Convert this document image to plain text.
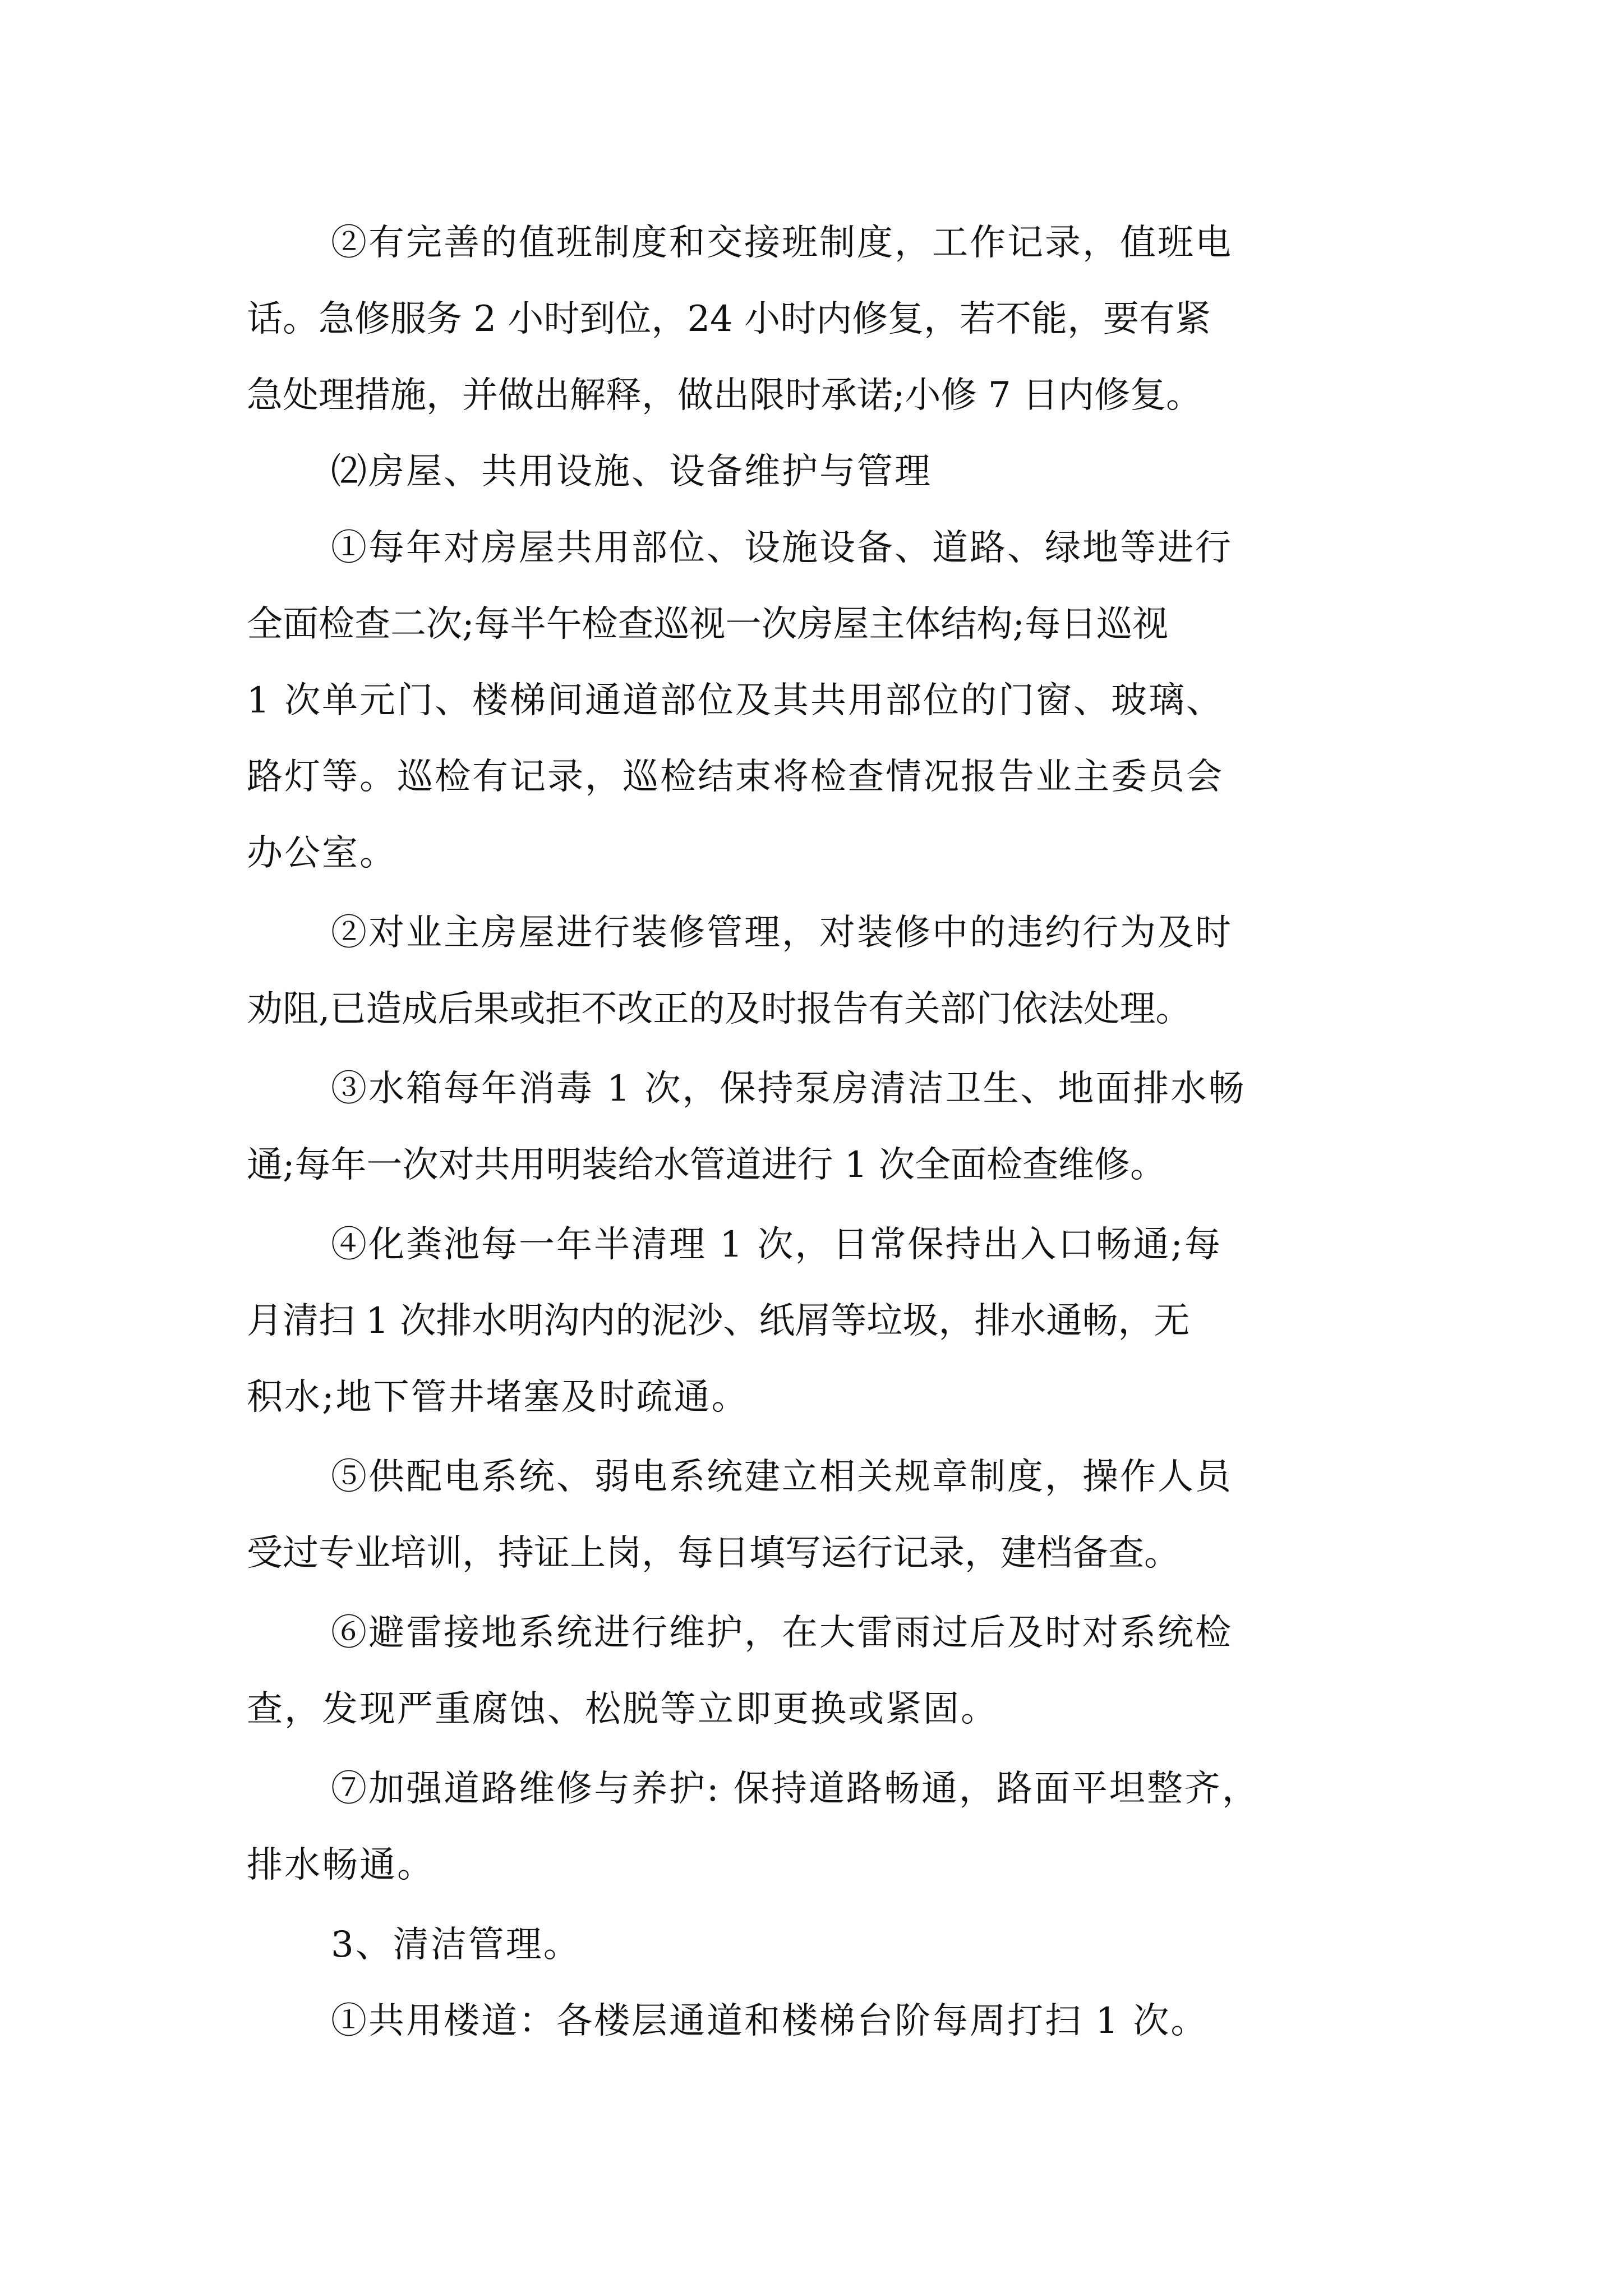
②有完善的值班制度和交接班制度，工作记录，值班电
话。急修服务 2 小时到位，24 小时内修复，若不能，要有紧
急处理措施，并做出解释，做出限时承诺;小修 7 日内修复。
⑵房屋、共用设施、设备维护与管理
①每年对房屋共用部位、设施设备、道路、绿地等进行
全面检查二次;每半午检查巡视一次房屋主体结构;每日巡视
1 次单元门、楼梯间通道部位及其共用部位的门窗、玻璃、
路灯等。巡检有记录，巡检结束将检查情况报告业主委员会
办公室。
②对业主房屋进行装修管理，对装修中的违约行为及时
劝阻,已造成后果或拒不改正的及时报告有关部门依法处理。
③水箱每年消毒 1 次，保持泵房清洁卫生、地面排水畅
通;每年一次对共用明装给水管道进行 1 次全面检查维修。
④化粪池每一年半清理 1 次，日常保持出入口畅通;每
月清扫 1 次排水明沟内的泥沙、纸屑等垃圾，排水通畅，无
积水;地下管井堵塞及时疏通。
⑤供配电系统、弱电系统建立相关规章制度，操作人员
受过专业培训，持证上岗，每日填写运行记录，建档备查。
⑥避雷接地系统进行维护，在大雷雨过后及时对系统检
查，发现严重腐蚀、松脱等立即更换或紧固。
⑦加强道路维修与养护: 保持道路畅通，路面平坦整齐，
排水畅通。
3、清洁管理。
①共用楼道：各楼层通道和楼梯台阶每周打扫 1 次。
